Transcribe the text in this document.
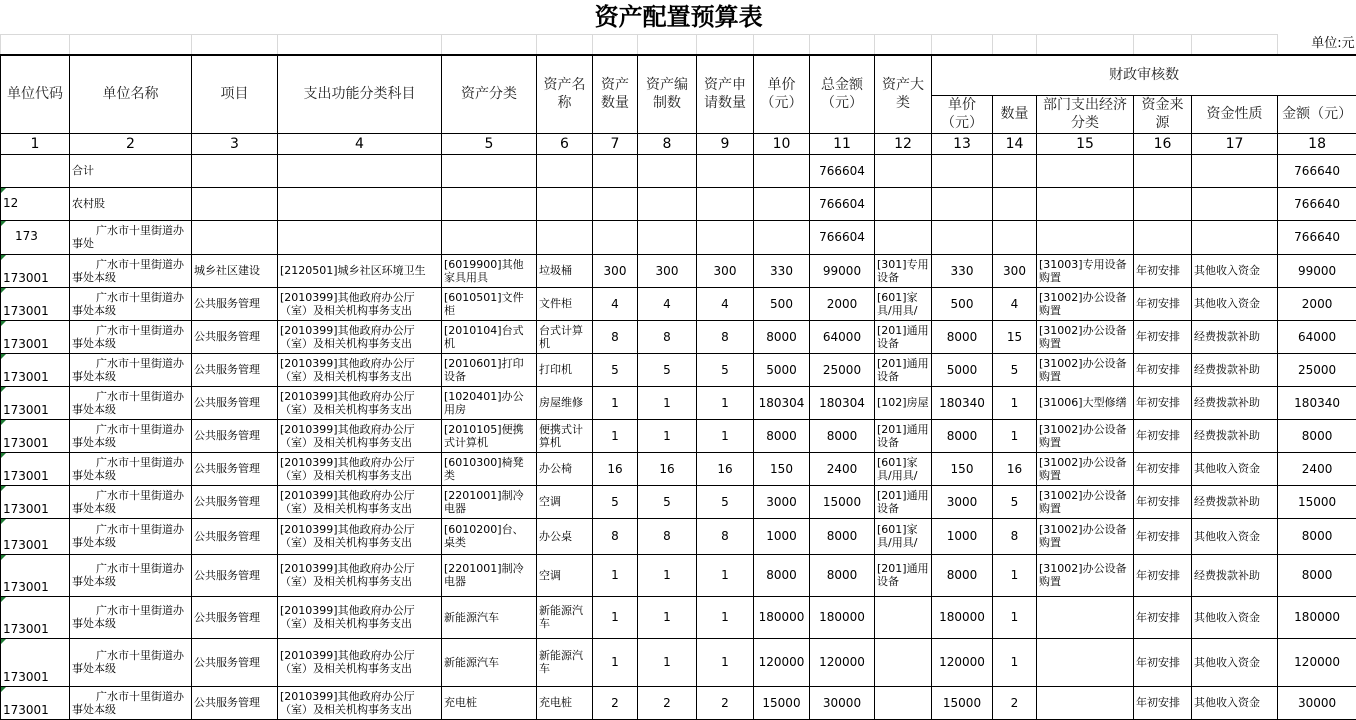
资产配置预算表																	
																	单位:元
单位代码	单位名称	项目	支出功能分类科目	资产分类	资产名称	资产数量	资产编制数	资产申请数量	单价（元）	总金额（元）	资产大类	财政审核数					
												单价（元）	数量	部门支出经济分类	资金来源	资金性质	金额（元）
1	2	3	4	5	6	7	8	9	10	11	12	13	14	15	16	17	18
	合计									766604							766640

12	农村股									766604							766640

173	广水市十里街道办事处									766604							766640

173001	广水市十里街道办事处本级	城乡社区建设	[2120501]城乡社区环境卫生	[6019900]其他家具用具	垃圾桶	300	300	300	330	99000	[301]专用设备	330	300	[31003]专用设备购置	年初安排	其他收入资金	99000

173001	广水市十里街道办事处本级	公共服务管理	[2010399]其他政府办公厅（室）及相关机构事务支出	[6010501]文件柜	文件柜	4	4	4	500	2000	[601]家具/用具/	500	4	[31002]办公设备购置	年初安排	其他收入资金	2000

173001	广水市十里街道办事处本级	公共服务管理	[2010399]其他政府办公厅（室）及相关机构事务支出	[2010104]台式机	台式计算机	8	8	8	8000	64000	[201]通用设备	8000	15	[31002]办公设备购置	年初安排	经费拨款补助	64000

173001	广水市十里街道办事处本级	公共服务管理	[2010399]其他政府办公厅（室）及相关机构事务支出	[2010601]打印设备	打印机	5	5	5	5000	25000	[201]通用设备	5000	5	[31002]办公设备购置	年初安排	经费拨款补助	25000

173001	广水市十里街道办事处本级	公共服务管理	[2010399]其他政府办公厅（室）及相关机构事务支出	[1020401]办公用房	房屋维修	1	1	1	180304	180304	[102]房屋	180340	1	[31006]大型修缮	年初安排	经费拨款补助	180340

173001	广水市十里街道办事处本级	公共服务管理	[2010399]其他政府办公厅（室）及相关机构事务支出	[2010105]便携式计算机	便携式计算机	1	1	1	8000	8000	[201]通用设备	8000	1	[31002]办公设备购置	年初安排	经费拨款补助	8000

173001	广水市十里街道办事处本级	公共服务管理	[2010399]其他政府办公厅（室）及相关机构事务支出	[6010300]椅凳类	办公椅	16	16	16	150	2400	[601]家具/用具/	150	16	[31002]办公设备购置	年初安排	其他收入资金	2400

173001	广水市十里街道办事处本级	公共服务管理	[2010399]其他政府办公厅（室）及相关机构事务支出	[2201001]制冷电器	空调	5	5	5	3000	15000	[201]通用设备	3000	5	[31002]办公设备购置	年初安排	经费拨款补助	15000

173001	广水市十里街道办事处本级	公共服务管理	[2010399]其他政府办公厅（室）及相关机构事务支出	[6010200]台、桌类	办公桌	8	8	8	1000	8000	[601]家具/用具/	1000	8	[31002]办公设备购置	年初安排	其他收入资金	8000

173001	广水市十里街道办事处本级	公共服务管理	[2010399]其他政府办公厅（室）及相关机构事务支出	[2201001]制冷电器	空调	1	1	1	8000	8000	[201]通用设备	8000	1	[31002]办公设备购置	年初安排	经费拨款补助	8000

173001	广水市十里街道办事处本级	公共服务管理	[2010399]其他政府办公厅（室）及相关机构事务支出	新能源汽车	新能源汽车	1	1	1	180000	180000		180000	1		年初安排	其他收入资金	180000

173001	广水市十里街道办事处本级	公共服务管理	[2010399]其他政府办公厅（室）及相关机构事务支出	新能源汽车	新能源汽车	1	1	1	120000	120000		120000	1		年初安排	其他收入资金	120000

173001	广水市十里街道办事处本级	公共服务管理	[2010399]其他政府办公厅（室）及相关机构事务支出	充电桩	充电桩	2	2	2	15000	30000		15000	2		年初安排	其他收入资金	30000
